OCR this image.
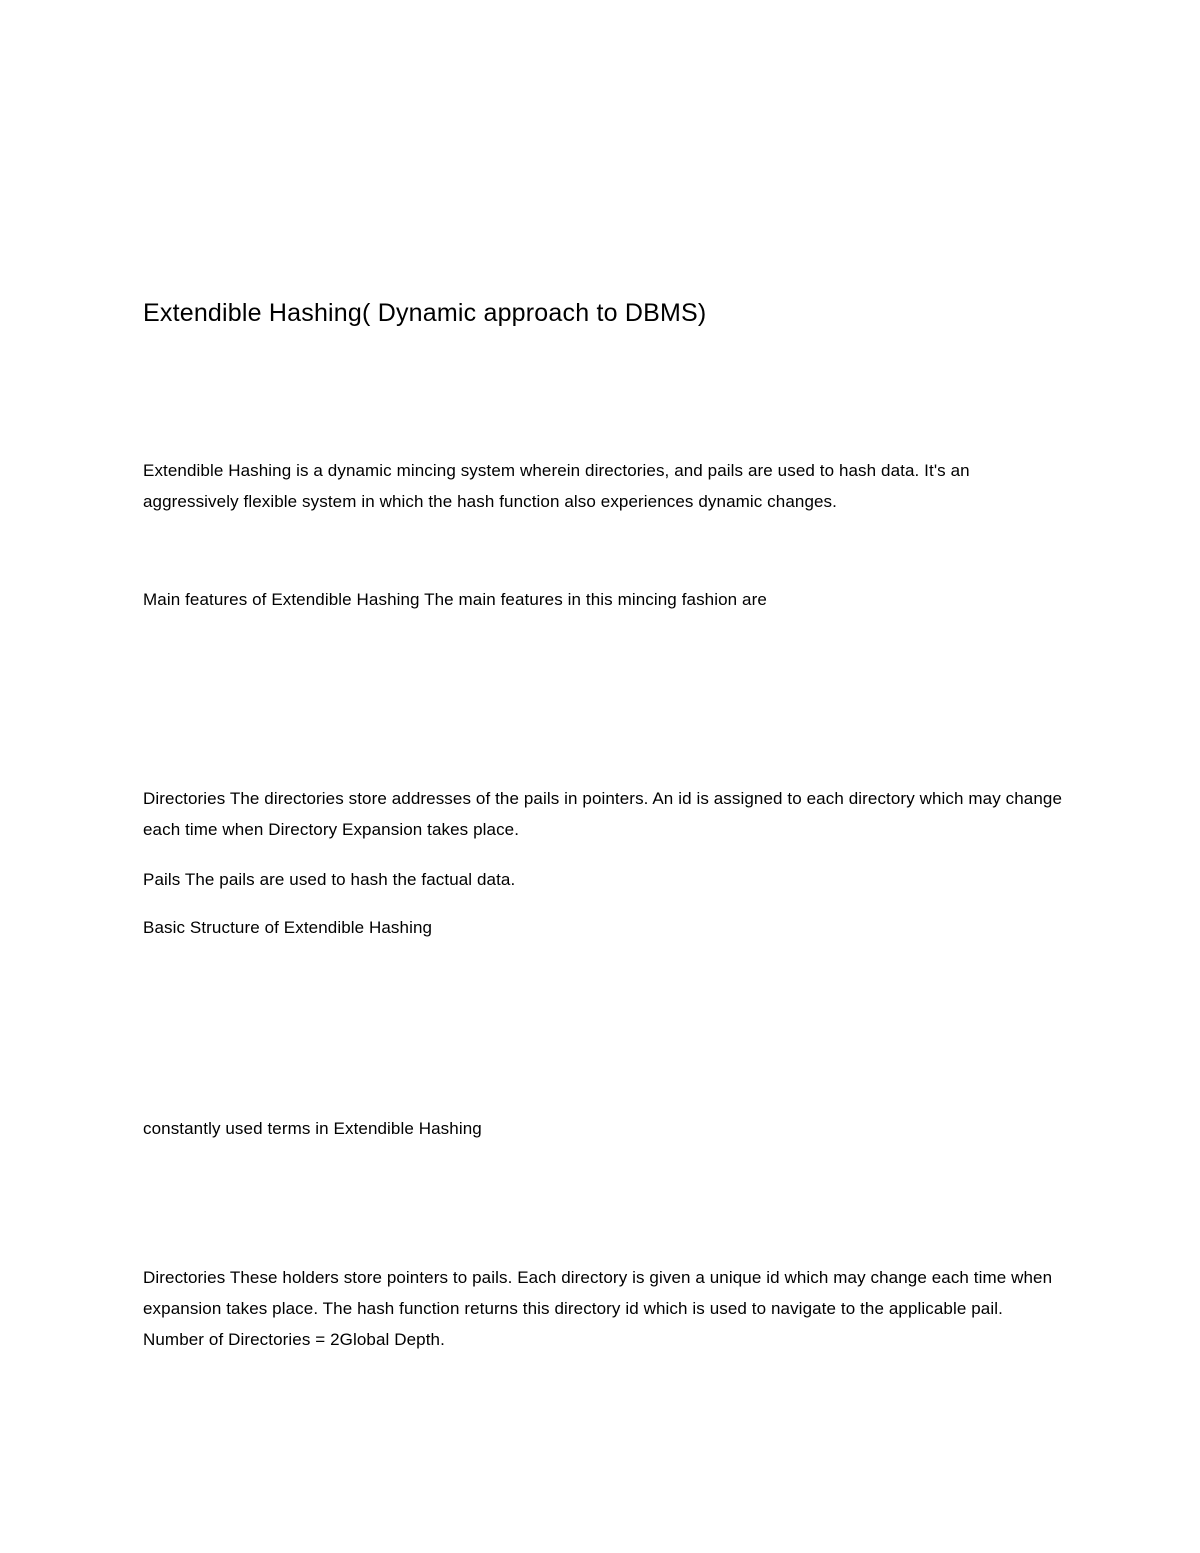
Extendible Hashing( Dynamic approach to DBMS)

Extendible Hashing is a dynamic mincing system wherein directories, and pails are used to hash data. It's an aggressively flexible system in which the hash function also experiences dynamic changes.

Main features of Extendible Hashing The main features in this mincing fashion are

Directories The directories store addresses of the pails in pointers. An id is assigned to each directory which may change each time when Directory Expansion takes place.

Pails The pails are used to hash the factual data.

Basic Structure of Extendible Hashing

constantly used terms in Extendible Hashing

Directories These holders store pointers to pails. Each directory is given a unique id which may change each time when expansion takes place. The hash function returns this directory id which is used to navigate to the applicable pail. Number of Directories = 2Global Depth.
